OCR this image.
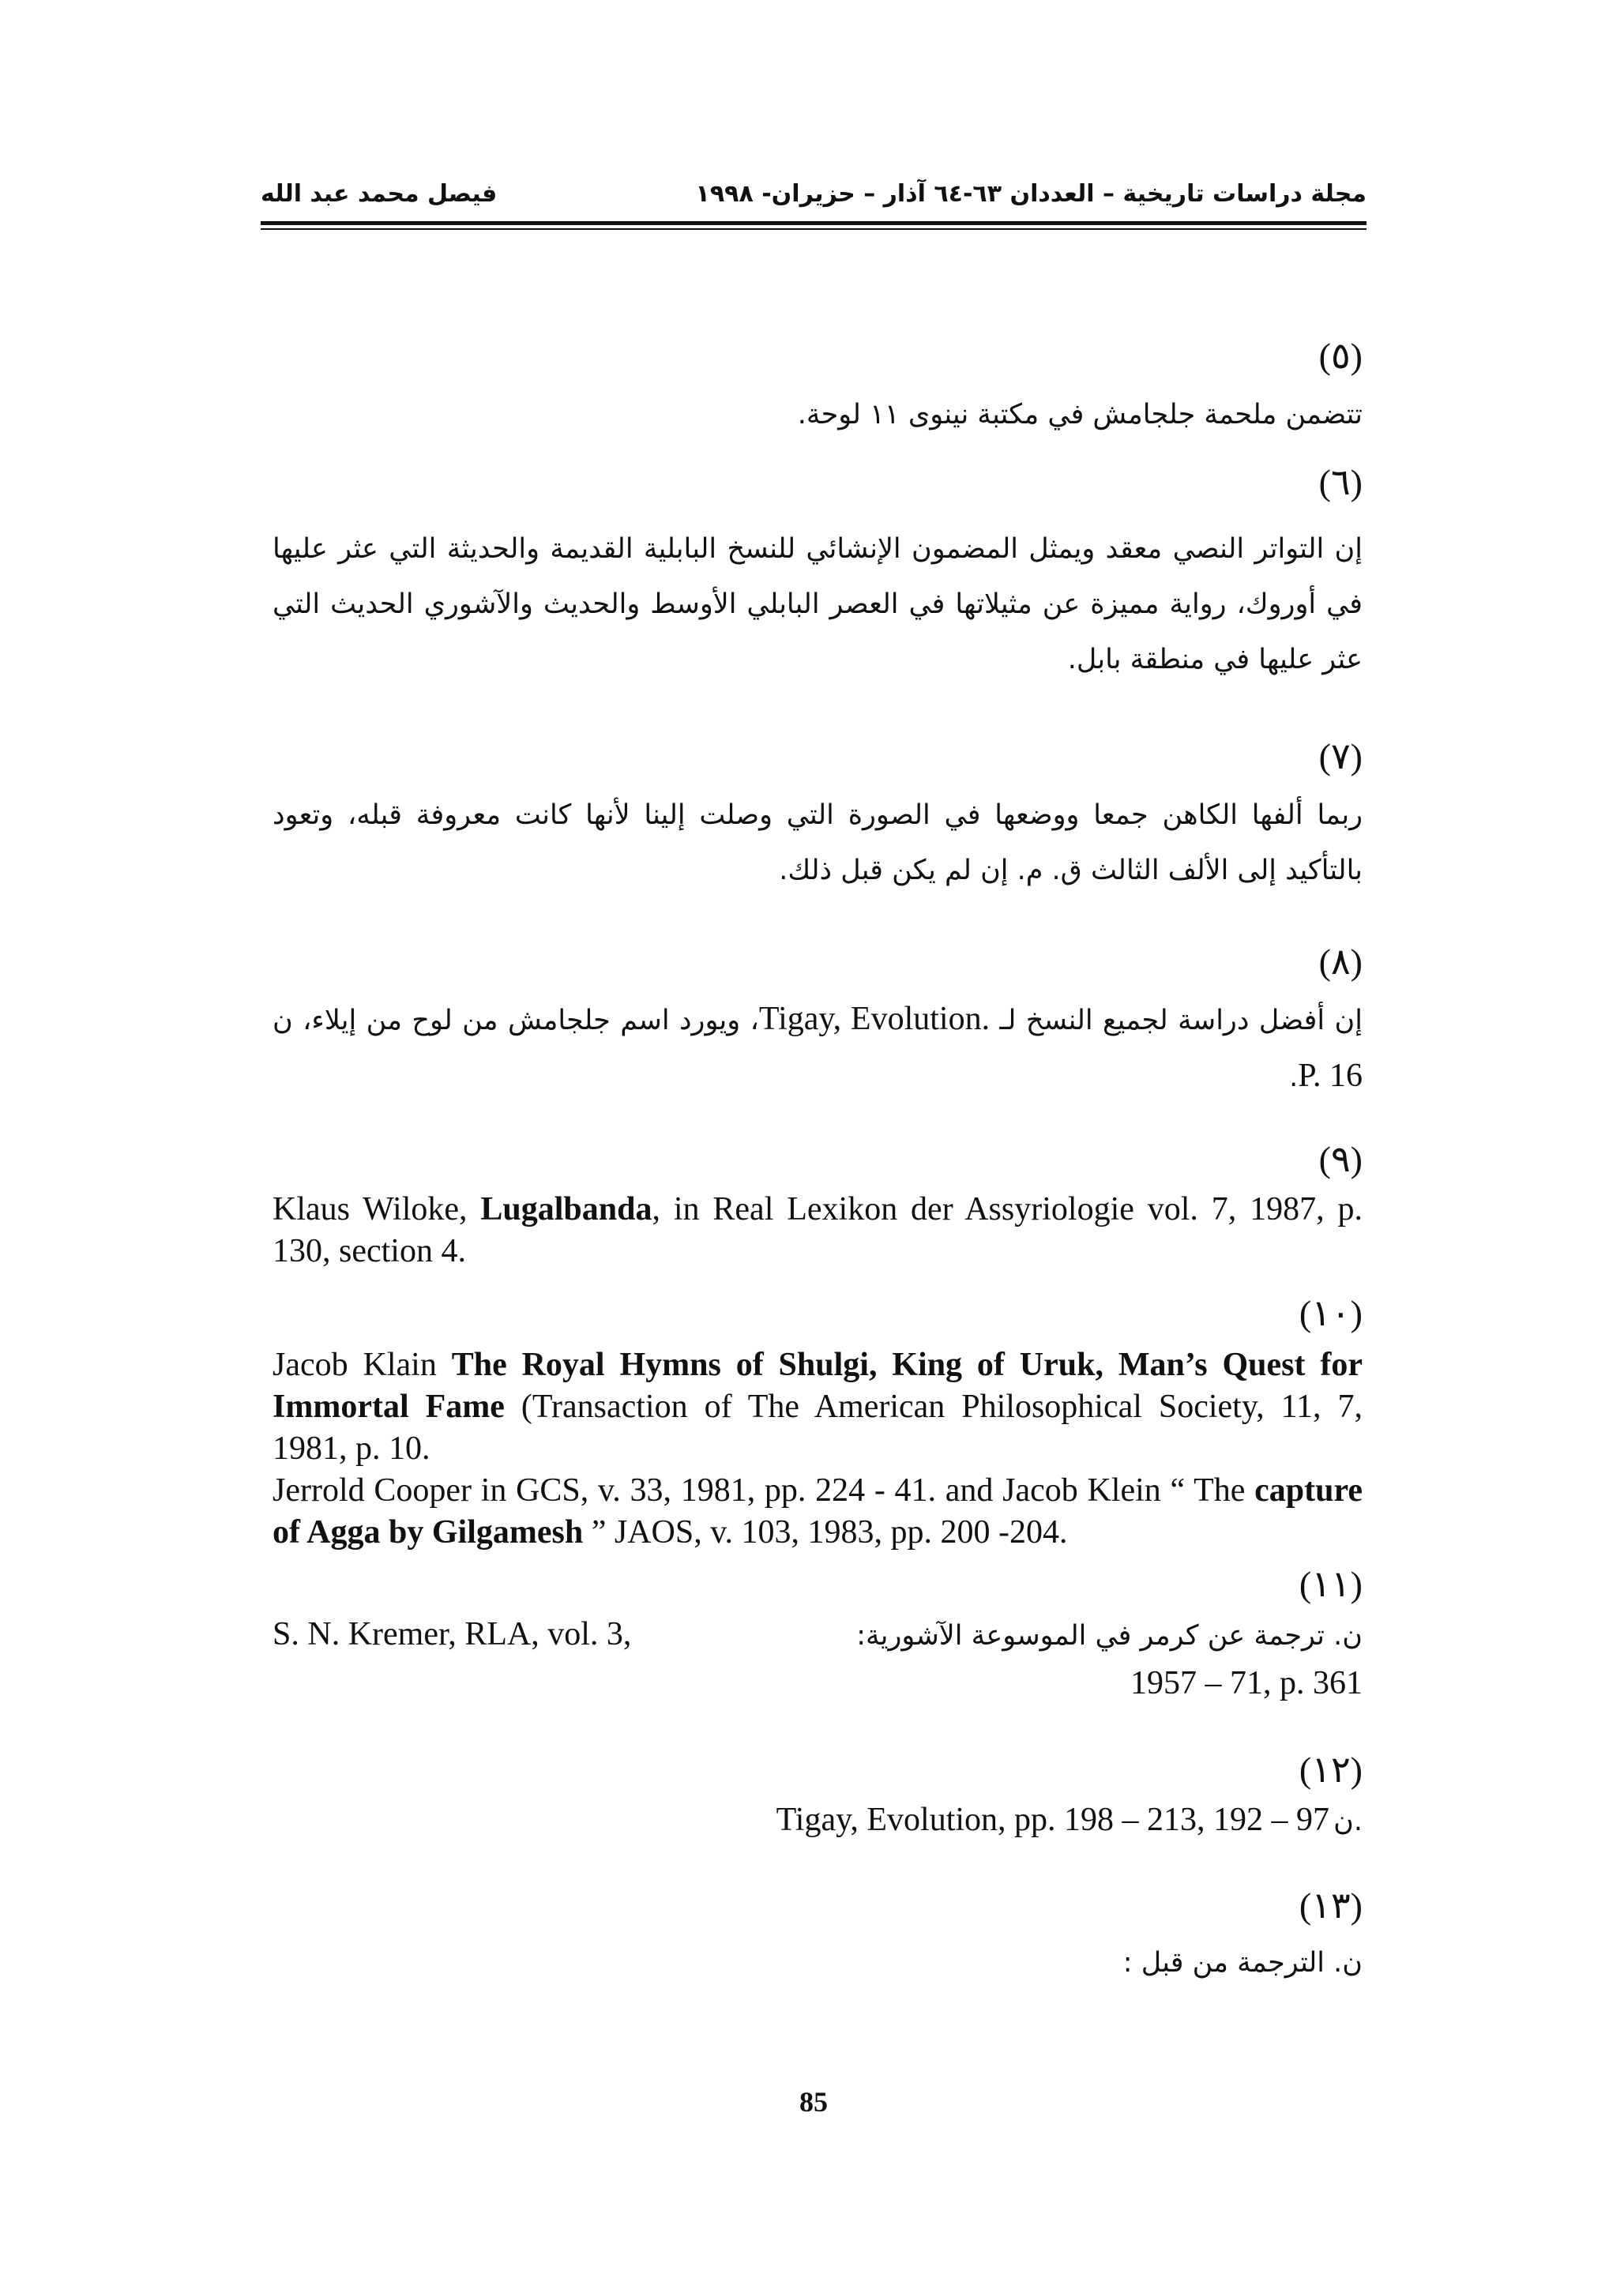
مجلة دراسات تاريخية – العددان ٦٣-٦٤ آذار – حزيران- ١٩٩٨
فيصل محمد عبد الله
(٥)
تتضمن ملحمة جلجامش في مكتبة نينوى ١١ لوحة.
(٦)
إن التواتر النصي معقد ويمثل المضمون الإنشائي للنسخ البابلية القديمة والحديثة التي عثر عليها في أوروك، رواية مميزة عن مثيلاتها في العصر البابلي الأوسط والحديث والآشوري الحديث التي عثر عليها في منطقة بابل.
(٧)
ربما ألفها الكاهن جمعا ووضعها في الصورة التي وصلت إلينا لأنها كانت معروفة قبله، وتعود بالتأكيد إلى الألف الثالث ق. م. إن لم يكن قبل ذلك.
(٨)
إن أفضل دراسة لجميع النسخ لـ Tigay, Evolution.، ويورد اسم جلجامش من لوح من إيلاء، ن P. 16.
(٩)
Klaus Wiloke, Lugalbanda, in Real Lexikon der Assyriologie vol. 7, 1987, p. 130, section 4.
(١٠)
Jacob Klain The Royal Hymns of Shulgi, King of Uruk, Man’s Quest for Immortal Fame (Transaction of The American Philosophical Society, 11, 7, 1981, p. 10.
Jerrold Cooper in GCS, v. 33, 1981, pp. 224 - 41. and Jacob Klein “ The capture of Agga by Gilgamesh ” JAOS, v. 103, 1983, pp. 200 -204.
(١١)
ن. ترجمة عن كرمر في الموسوعة الآشورية:
S. N. Kremer, RLA, vol. 3,
1957 – 71, p. 361
(١٢)
Tigay, Evolution, pp. 198 – 213, 192 – 97 ن.
(١٣)
ن. الترجمة من قبل :
85
